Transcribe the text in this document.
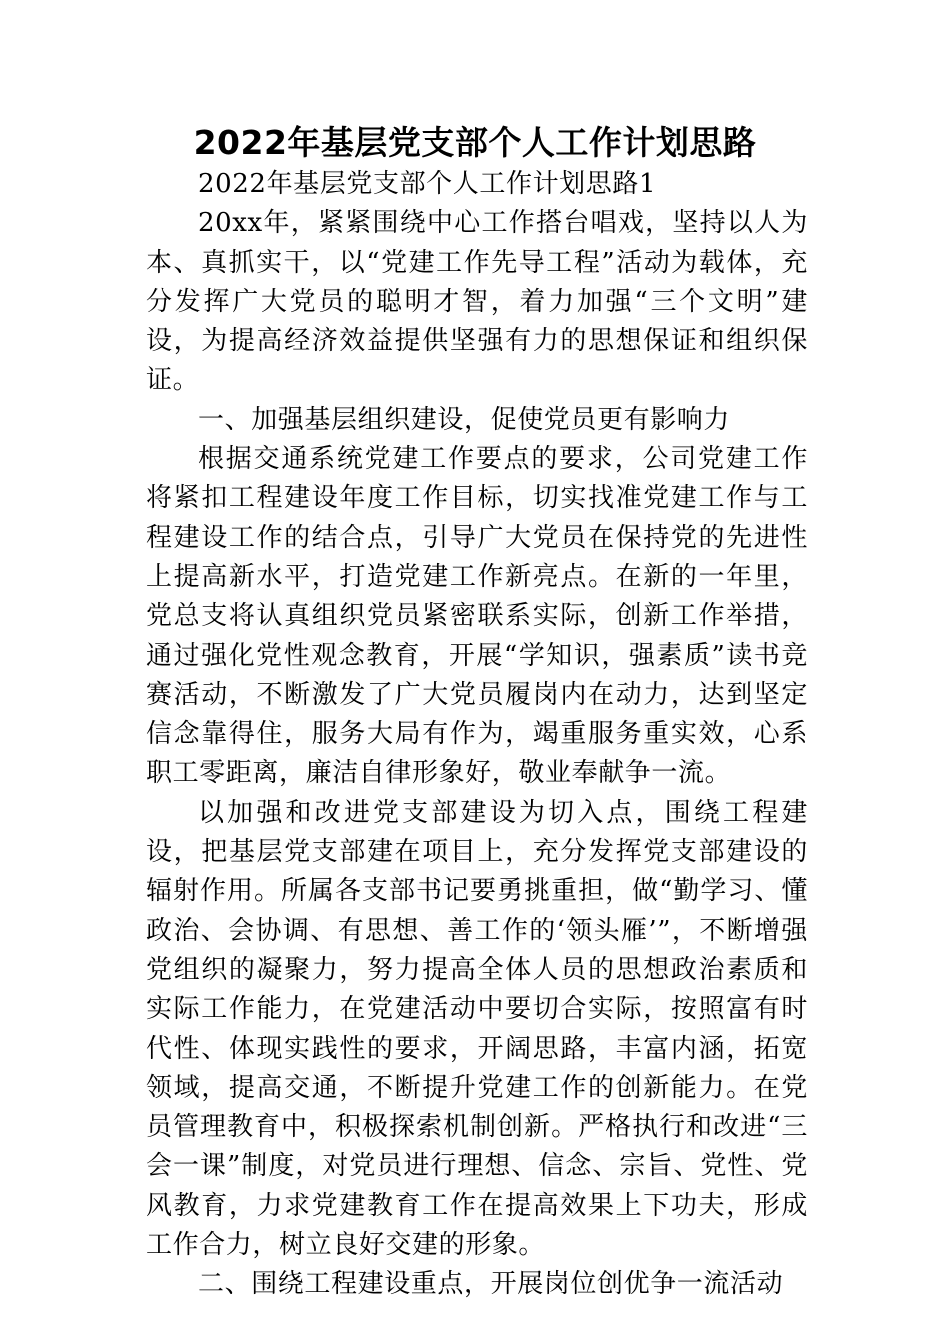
2022年基层党支部个人工作计划思路

2022年基层党支部个人工作计划思路1

20xx年，紧紧围绕中心工作搭台唱戏，坚持以人为本、真抓实干，以“党建工作先导工程”活动为载体，充分发挥广大党员的聪明才智，着力加强“三个文明”建设，为提高经济效益提供坚强有力的思想保证和组织保证。

一、加强基层组织建设，促使党员更有影响力

根据交通系统党建工作要点的要求，公司党建工作将紧扣工程建设年度工作目标，切实找准党建工作与工程建设工作的结合点，引导广大党员在保持党的先进性上提高新水平，打造党建工作新亮点。在新的一年里，党总支将认真组织党员紧密联系实际，创新工作举措，通过强化党性观念教育，开展“学知识，强素质”读书竞赛活动，不断激发了广大党员履岗内在动力，达到坚定信念靠得住，服务大局有作为，竭重服务重实效，心系职工零距离，廉洁自律形象好，敬业奉献争一流。

以加强和改进党支部建设为切入点，围绕工程建设，把基层党支部建在项目上，充分发挥党支部建设的辐射作用。所属各支部书记要勇挑重担，做“勤学习、懂政治、会协调、有思想、善工作的‘领头雁’”，不断增强党组织的凝聚力，努力提高全体人员的思想政治素质和实际工作能力，在党建活动中要切合实际，按照富有时代性、体现实践性的要求，开阔思路，丰富内涵，拓宽领域，提高交通，不断提升党建工作的创新能力。在党员管理教育中，积极探索机制创新。严格执行和改进“三会一课”制度，对党员进行理想、信念、宗旨、党性、党风教育，力求党建教育工作在提高效果上下功夫，形成工作合力，树立良好交建的形象。

二、围绕工程建设重点，开展岗位创优争一流活动
